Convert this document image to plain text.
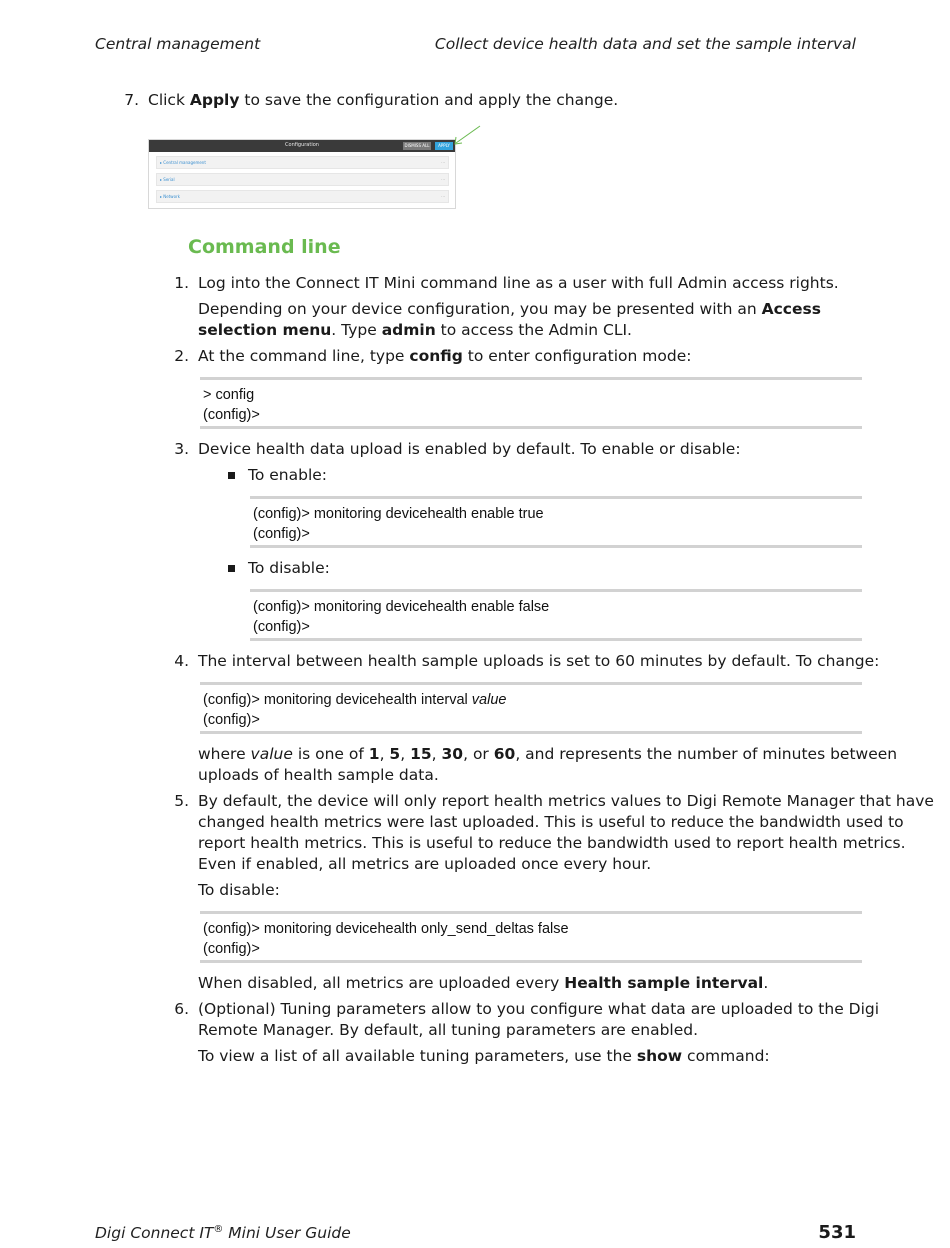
Central management	Collect device health data and set the sample interval
7. Click Apply to save the configuration and apply the change.
Configuration	DISMISS ALL	APPLY
▸ Central management	⋯
▸ Serial	⋯
▸ Network	⋯
Command line
1. Log into the Connect IT Mini command line as a user with full Admin access rights.
Depending on your device configuration, you may be presented with an Access selection menu. Type admin to access the Admin CLI.
2. At the command line, type config to enter configuration mode:
> config
(config)>
3. Device health data upload is enabled by default. To enable or disable:
To enable:
(config)> monitoring devicehealth enable true
(config)>
To disable:
(config)> monitoring devicehealth enable false
(config)>
4. The interval between health sample uploads is set to 60 minutes by default. To change:
(config)> monitoring devicehealth interval value
(config)>
where value is one of 1, 5, 15, 30, or 60, and represents the number of minutes between
uploads of health sample data.
5. By default, the device will only report health metrics values to Digi Remote Manager that have
changed health metrics were last uploaded. This is useful to reduce the bandwidth used to
report health metrics. This is useful to reduce the bandwidth used to report health metrics.
Even if enabled, all metrics are uploaded once every hour.
To disable:
(config)> monitoring devicehealth only_send_deltas false
(config)>
When disabled, all metrics are uploaded every Health sample interval.
6. (Optional) Tuning parameters allow to you configure what data are uploaded to the Digi
Remote Manager. By default, all tuning parameters are enabled.
To view a list of all available tuning parameters, use the show command:
Digi Connect IT® Mini User Guide	531
